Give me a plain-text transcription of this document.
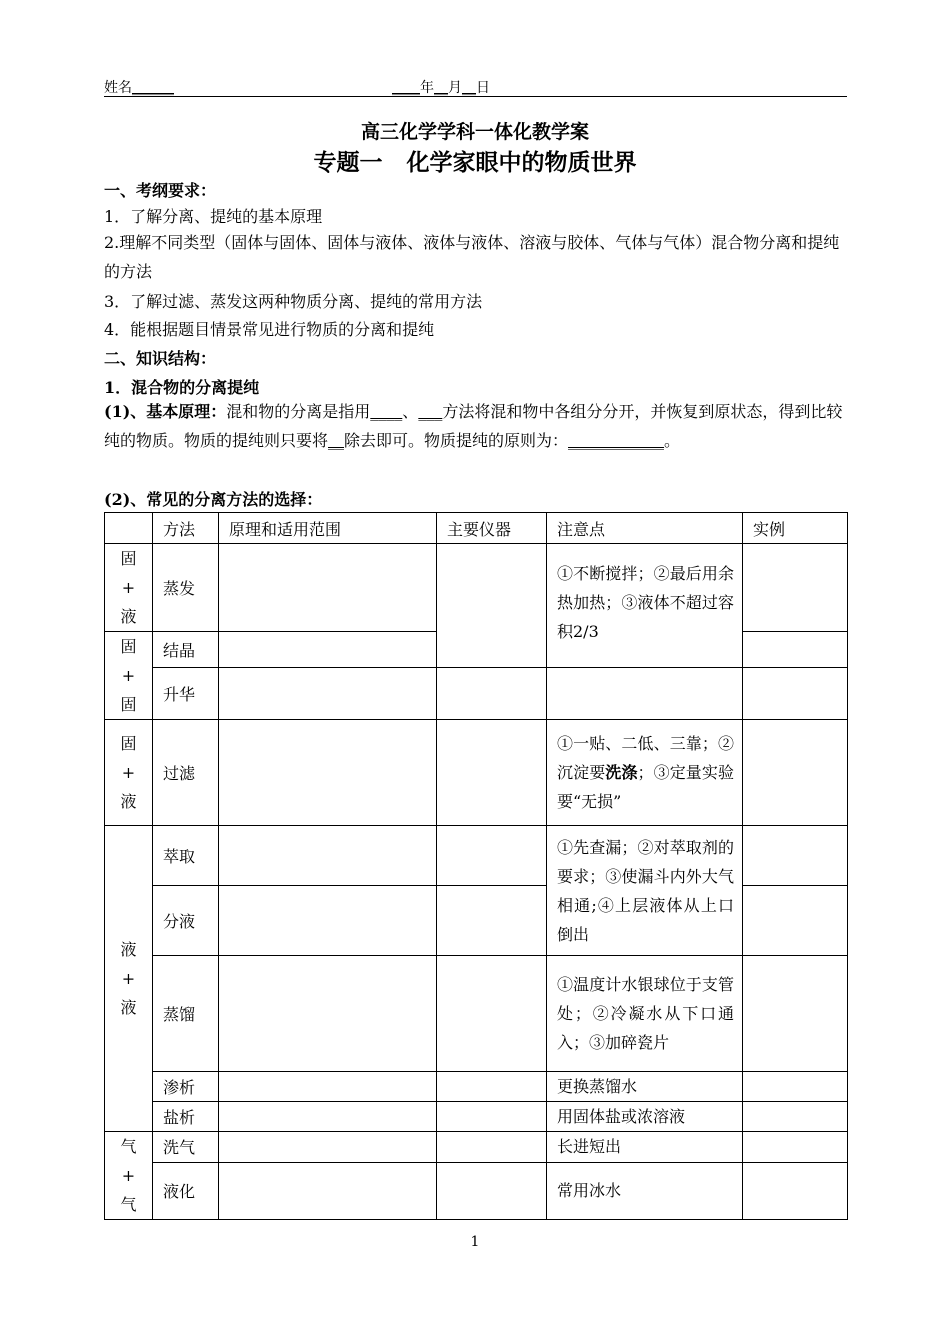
姓名______	____年__月__日
高三化学学科一体化教学案
专题一   化学家眼中的物质世界
一、考纲要求：
1．了解分离、提纯的基本原理
2.理解不同类型（固体与固体、固体与液体、液体与液体、溶液与胶体、气体与气体）混合物分离和提纯的方法
3．了解过滤、蒸发这两种物质分离、提纯的常用方法
4．能根据题目情景常见进行物质的分离和提纯
二、知识结构：
1．混合物的分离提纯
(1)、基本原理：混和物的分离是指用____、___方法将混和物中各组分分开，并恢复到原状态，得到比较纯的物质。物质的提纯则只要将__除去即可。物质提纯的原则为：____________。
(2)、常见的分离方法的选择：
	方法	原理和适用范围	主要仪器	注意点	实例

固
+
液	蒸发			①不断搅拌；②最后用余热加热；③液体不超过容积2/3	

固
+
固	结晶				
	升华				

固
+
液	过滤			①一贴、二低、三靠；②沉淀要洗涤；③定量实验要“无损”	

液
+
液	萃取			①先查漏；②对萃取剂的要求；③使漏斗内外大气相通;④上层液体从上口倒出	
	分液				
	蒸馏			①温度计水银球位于支管处；②冷凝水从下口通入；③加碎瓷片	
	渗析			更换蒸馏水	
	盐析			用固体盐或浓溶液	

气
+
气	洗气			长进短出	
	液化			常用冰水	
1
